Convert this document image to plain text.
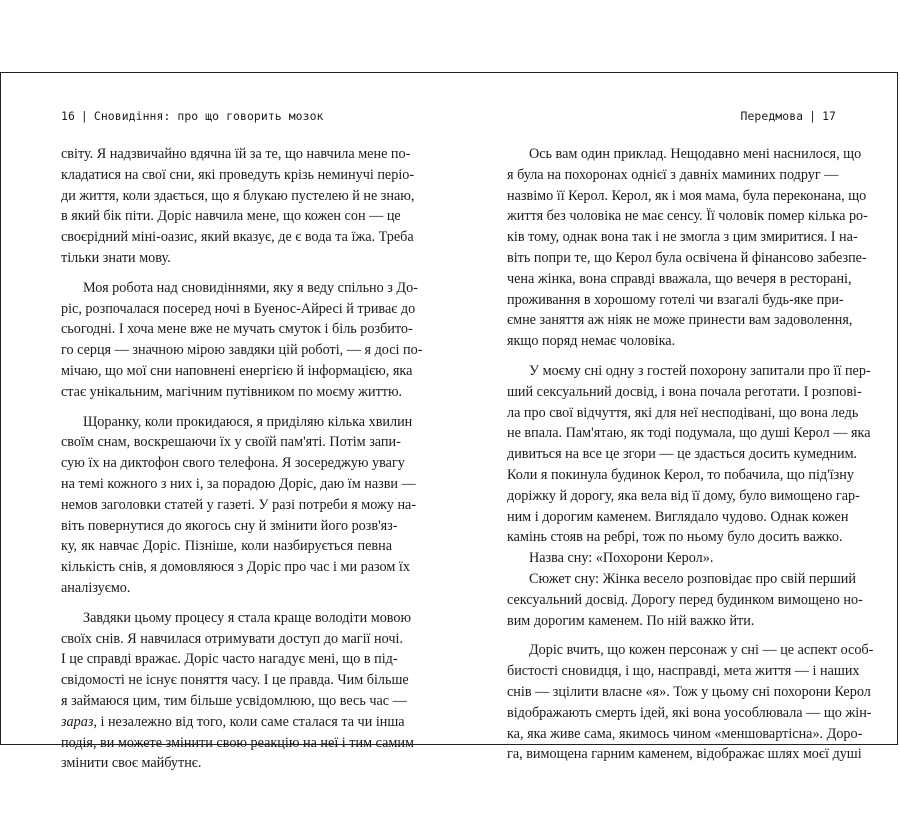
16 | Сновидіння: про що говорить мозок
світу. Я надзвичайно вдячна їй за те, що навчила мене по-
кладатися на свої сни, які проведуть крізь неминучі періо-
ди життя, коли здається, що я блукаю пустелею й не знаю,
в який бік піти. Доріс навчила мене, що кожен сон — це
своєрідний міні-оазис, який вказує, де є вода та їжа. Треба
тільки знати мову.
Моя робота над сновидіннями, яку я веду спільно з До-
ріс, розпочалася посеред ночі в Буенос-Айресі й триває до
сьогодні. І хоча мене вже не мучать смуток і біль розбито-
го серця — значною мірою завдяки цій роботі, — я досі по-
мічаю, що мої сни наповнені енергією й інформацією, яка
стає унікальним, магічним путівником по моєму життю.
Щоранку, коли прокидаюся, я приділяю кілька хвилин
своїм снам, воскрешаючи їх у своїй пам'яті. Потім запи-
сую їх на диктофон свого телефона. Я зосереджую увагу
на темі кожного з них і, за порадою Доріс, даю їм назви —
немов заголовки статей у газеті. У разі потреби я можу на-
віть повернутися до якогось сну й змінити його розв'яз-
ку, як навчає Доріс. Пізніше, коли назбирується певна
кількість снів, я домовляюся з Доріс про час і ми разом їх
аналізуємо.
Завдяки цьому процесу я стала краще володіти мовою
своїх снів. Я навчилася отримувати доступ до магії ночі.
І це справді вражає. Доріс часто нагадує мені, що в під-
свідомості не існує поняття часу. І це правда. Чим більше
я займаюся цим, тим більше усвідомлюю, що весь час —
зараз, і незалежно від того, коли саме сталася та чи інша
подія, ви можете змінити свою реакцію на неї і тим самим
змінити своє майбутнє.
Передмова | 17
Ось вам один приклад. Нещодавно мені наснилося, що
я була на похоронах однієї з давніх маминих подруг —
назвімо її Керол. Керол, як і моя мама, була переконана, що
життя без чоловіка не має сенсу. Її чоловік помер кілька ро-
ків тому, однак вона так і не змогла з цим змиритися. І на-
віть попри те, що Керол була освічена й фінансово забезпе-
чена жінка, вона справді вважала, що вечеря в ресторані,
проживання в хорошому готелі чи взагалі будь-яке при-
ємне заняття аж ніяк не може принести вам задоволення,
якщо поряд немає чоловіка.
У моєму сні одну з гостей похорону запитали про її пер-
ший сексуальний досвід, і вона почала реготати. І розпові-
ла про свої відчуття, які для неї несподівані, що вона ледь
не впала. Пам'ятаю, як тоді подумала, що душі Керол — яка
дивиться на все це згори — це здасться досить кумедним.
Коли я покинула будинок Керол, то побачила, що під'їзну
доріжку й дорогу, яка вела від її дому, було вимощено гар-
ним і дорогим каменем. Виглядало чудово. Однак кожен
камінь стояв на ребрі, тож по ньому було досить важко.
Назва сну: «Похорони Керол».
Сюжет сну: Жінка весело розповідає про свій перший
сексуальний досвід. Дорогу перед будинком вимощено но-
вим дорогим каменем. По ній важко йти.
Доріс вчить, що кожен персонаж у сні — це аспект особ-
бистості сновидця, і що, насправді, мета життя — і наших
снів — зцілити власне «я». Тож у цьому сні похорони Керол
відображають смерть ідей, які вона уособлювала — що жін-
ка, яка живе сама, якимось чином «меншовартісна». Доро-
га, вимощена гарним каменем, відображає шлях моєї душі
